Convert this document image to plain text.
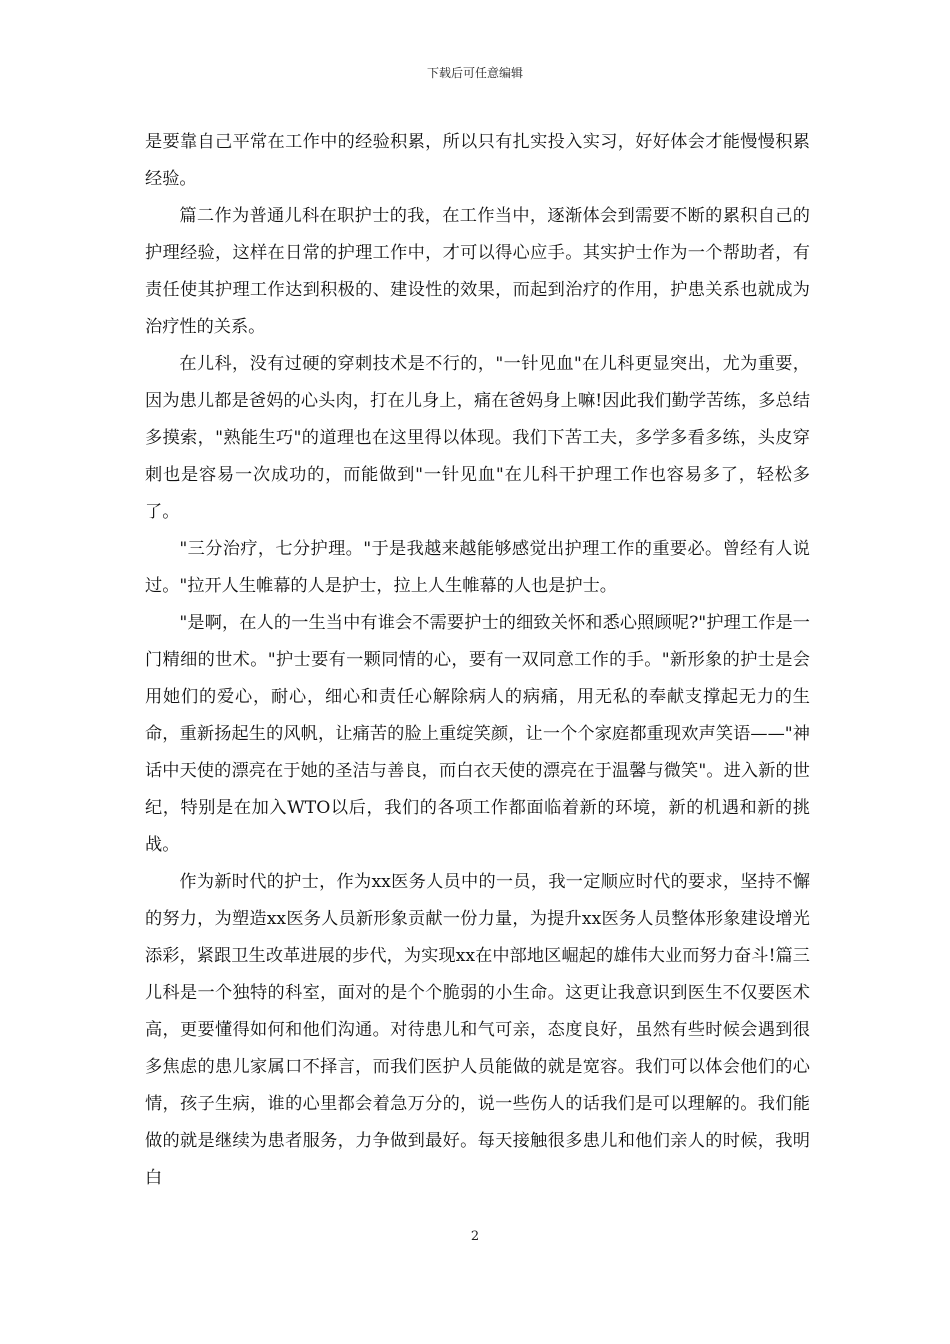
下载后可任意编辑

是要靠自己平常在工作中的经验积累，所以只有扎实投入实习，好好体会才能慢慢积累经验。

篇二作为普通儿科在职护士的我，在工作当中，逐渐体会到需要不断的累积自己的护理经验，这样在日常的护理工作中，才可以得心应手。其实护士作为一个帮助者，有责任使其护理工作达到积极的、建设性的效果，而起到治疗的作用，护患关系也就成为治疗性的关系。

在儿科，没有过硬的穿刺技术是不行的，"一针见血"在儿科更显突出，尤为重要，因为患儿都是爸妈的心头肉，打在儿身上，痛在爸妈身上嘛!因此我们勤学苦练，多总结多摸索，"熟能生巧"的道理也在这里得以体现。我们下苦工夫，多学多看多练，头皮穿刺也是容易一次成功的，而能做到"一针见血"在儿科干护理工作也容易多了，轻松多了。

"三分治疗，七分护理。"于是我越来越能够感觉出护理工作的重要必。曾经有人说过。"拉开人生帷幕的人是护士，拉上人生帷幕的人也是护士。

"是啊，在人的一生当中有谁会不需要护士的细致关怀和悉心照顾呢?"护理工作是一门精细的世术。"护士要有一颗同情的心，要有一双同意工作的手。"新形象的护士是会用她们的爱心，耐心，细心和责任心解除病人的病痛，用无私的奉献支撑起无力的生命，重新扬起生的风帆，让痛苦的脸上重绽笑颜，让一个个家庭都重现欢声笑语——"神话中天使的漂亮在于她的圣洁与善良，而白衣天使的漂亮在于温馨与微笑"。进入新的世纪，特别是在加入WTO以后，我们的各项工作都面临着新的环境，新的机遇和新的挑战。

作为新时代的护士，作为xx医务人员中的一员，我一定顺应时代的要求，坚持不懈的努力，为塑造xx医务人员新形象贡献一份力量，为提升xx医务人员整体形象建设增光添彩，紧跟卫生改革进展的步代，为实现xx在中部地区崛起的雄伟大业而努力奋斗!篇三儿科是一个独特的科室，面对的是个个脆弱的小生命。这更让我意识到医生不仅要医术高，更要懂得如何和他们沟通。对待患儿和气可亲，态度良好，虽然有些时候会遇到很多焦虑的患儿家属口不择言，而我们医护人员能做的就是宽容。我们可以体会他们的心情，孩子生病，谁的心里都会着急万分的，说一些伤人的话我们是可以理解的。我们能做的就是继续为患者服务，力争做到最好。每天接触很多患儿和他们亲人的时候，我明白

2
